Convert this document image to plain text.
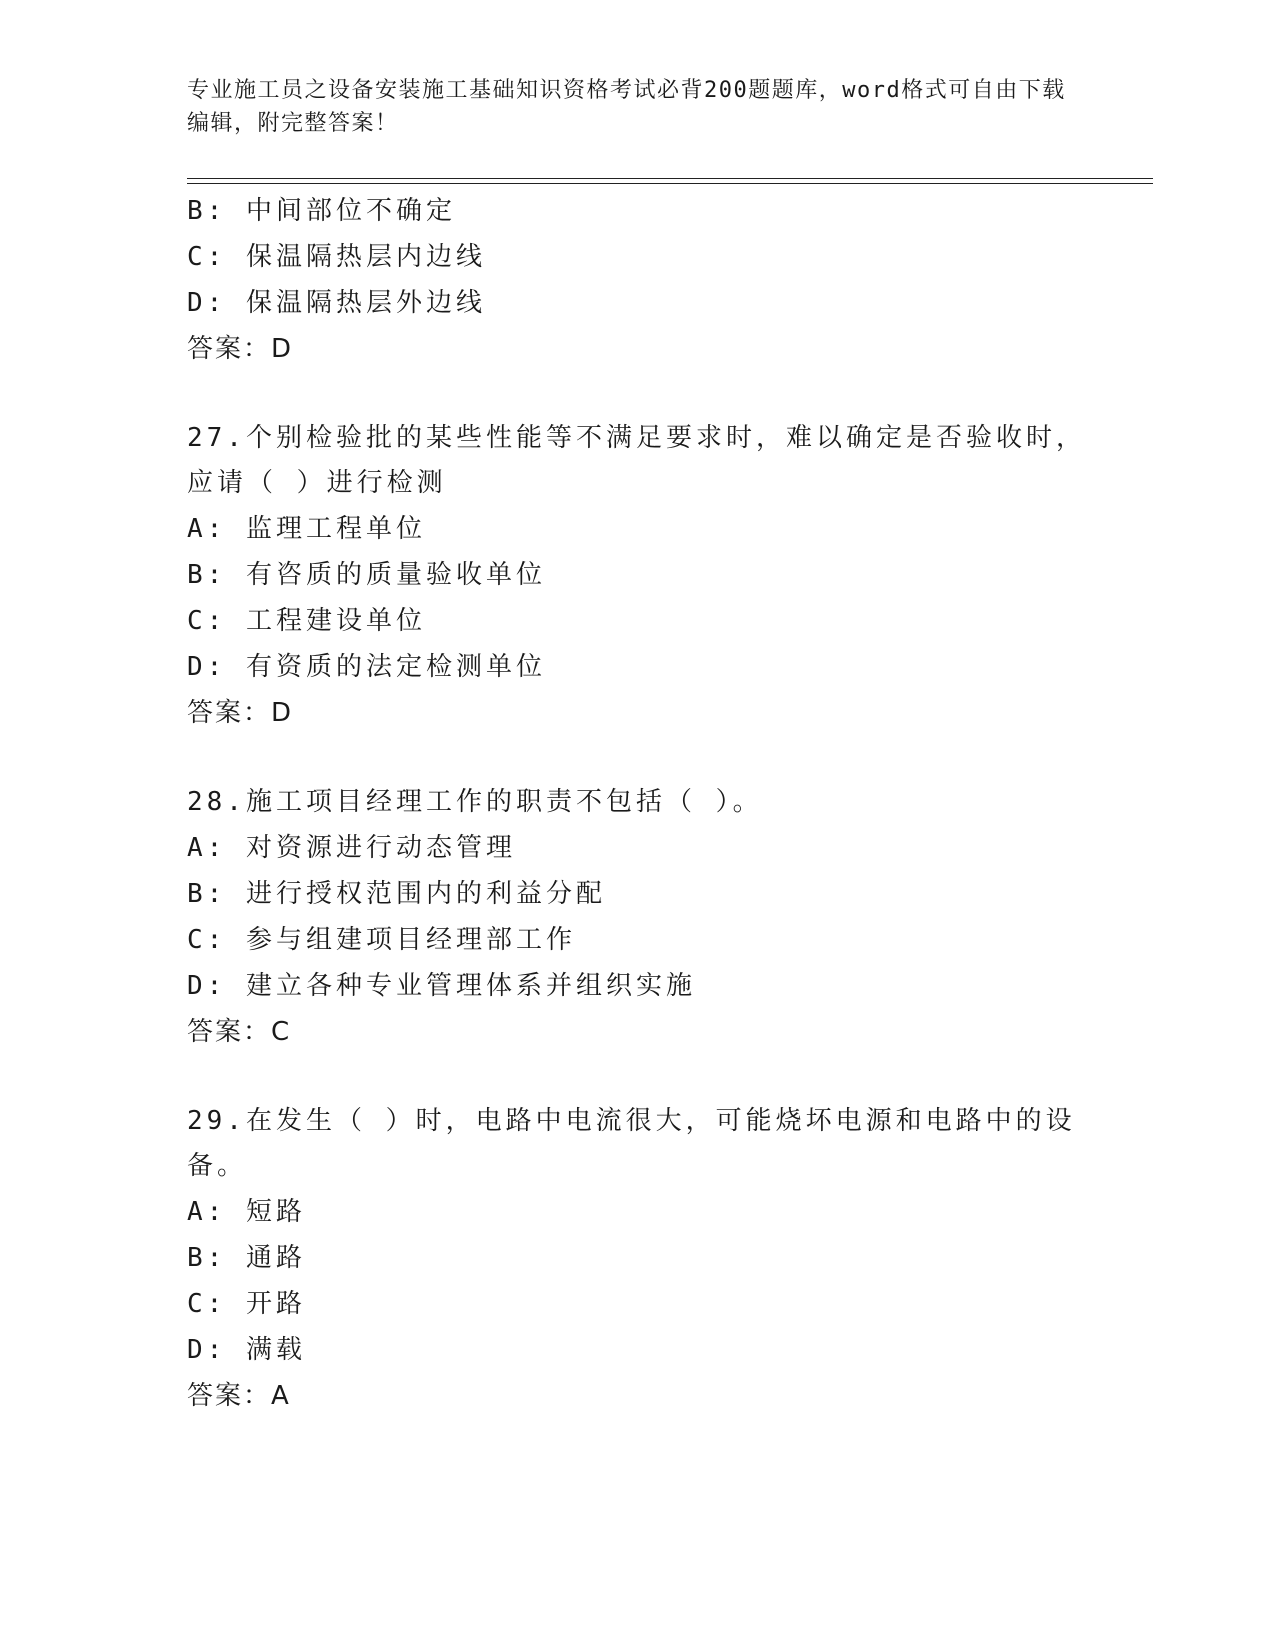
专业施工员之设备安装施工基础知识资格考试必背200题题库，word格式可自由下载编辑，附完整答案！

B: 中间部位不确定
C: 保温隔热层内边线
D: 保温隔热层外边线
答案：D
27.个别检验批的某些性能等不满足要求时，难以确定是否验收时，应请（ ）进行检测
A: 监理工程单位
B: 有咨质的质量验收单位
C: 工程建设单位
D: 有资质的法定检测单位
答案：D
28.施工项目经理工作的职责不包括（ ）。
A: 对资源进行动态管理
B: 进行授权范围内的利益分配
C: 参与组建项目经理部工作
D: 建立各种专业管理体系并组织实施
答案：C
29.在发生（ ）时，电路中电流很大，可能烧坏电源和电路中的设备。
A: 短路
B: 通路
C: 开路
D: 满载
答案：A
